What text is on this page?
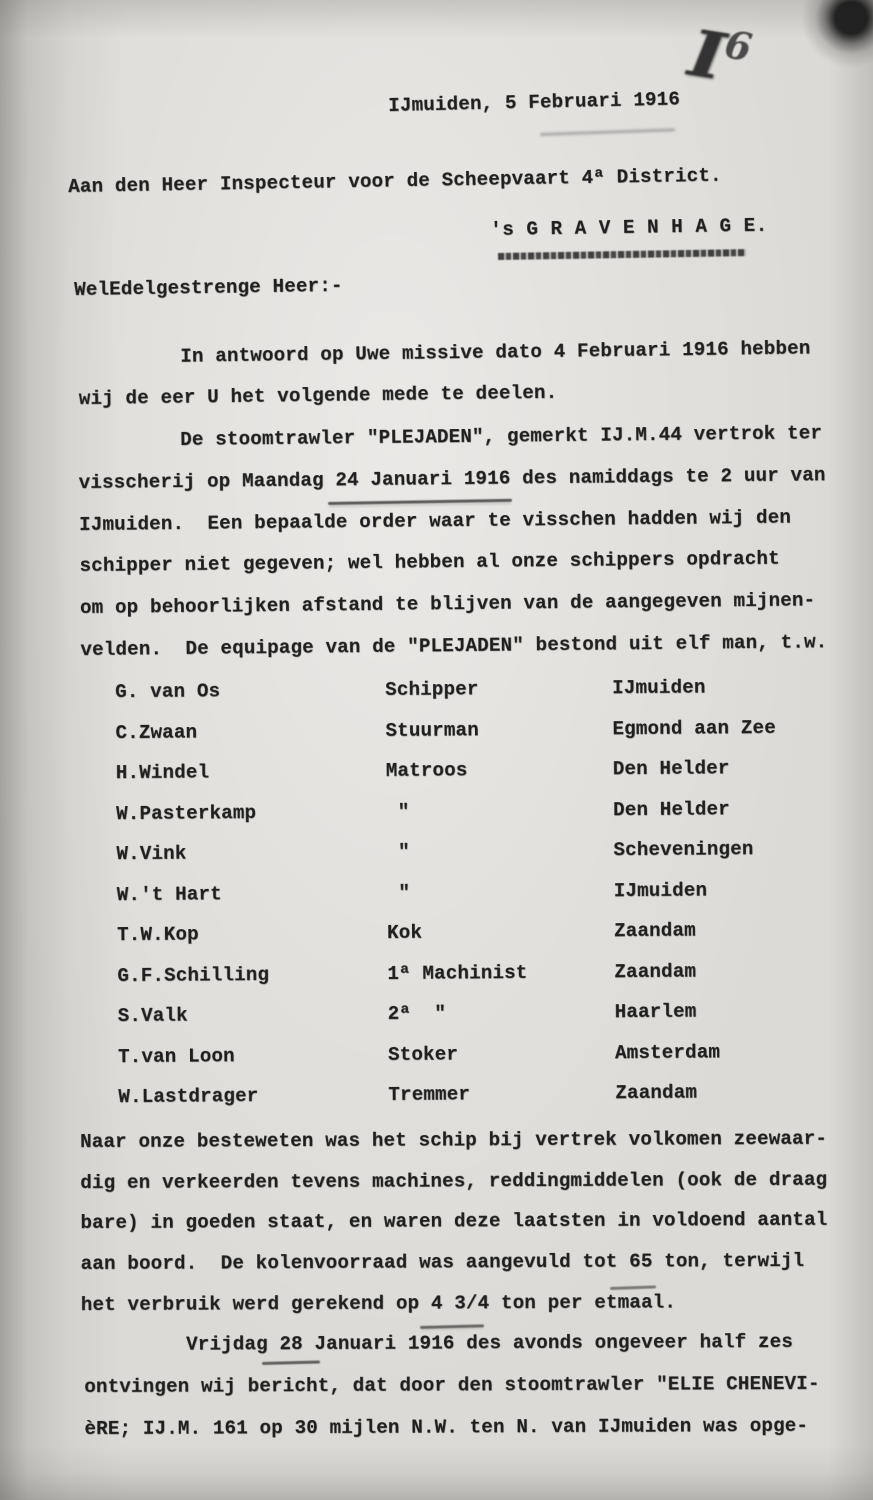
I6
IJmuiden, 5 Februari 1916
Aan den Heer Inspecteur voor de Scheepvaart 4ª District.
's G R A V E N H A G E.
WelEdelgestrenge Heer:-
In antwoord op Uwe missive dato 4 Februari 1916 hebben
wij de eer U het volgende mede te deelen.
De stoomtrawler "PLEJADEN", gemerkt IJ.M.44 vertrok ter
visscherij op Maandag 24 Januari 1916 des namiddags te 2 uur van
IJmuiden.  Een bepaalde order waar te visschen hadden wij den
schipper niet gegeven; wel hebben al onze schippers opdracht
om op behoorlijken afstand te blijven van de aangegeven mijnen-
velden.  De equipage van de "PLEJADEN" bestond uit elf man, t.w.
G. van Os	Schipper	IJmuiden
C.Zwaan	Stuurman	Egmond aan Zee
H.Windel	Matroos	Den Helder
W.Pasterkamp	"	Den Helder
W.Vink	"	Scheveningen
W.'t Hart	"	IJmuiden
T.W.Kop	Kok	Zaandam
G.F.Schilling	1ª Machinist	Zaandam
S.Valk	2ª  "	Haarlem
T.van Loon	Stoker	Amsterdam
W.Lastdrager	Tremmer	Zaandam
Naar onze besteweten was het schip bij vertrek volkomen zeewaar-
dig en verkeerden tevens machines, reddingmiddelen (ook de draag
bare) in goeden staat, en waren deze laatsten in voldoend aantal
aan boord.  De kolenvoorraad was aangevuld tot 65 ton, terwijl
het verbruik werd gerekend op 4 3/4 ton per etmaal.
Vrijdag 28 Januari 1916 des avonds ongeveer half zes
ontvingen wij bericht, dat door den stoomtrawler "ELIE CHENEVI-
èRE; IJ.M. 161 op 30 mijlen N.W. ten N. van IJmuiden was opge-
